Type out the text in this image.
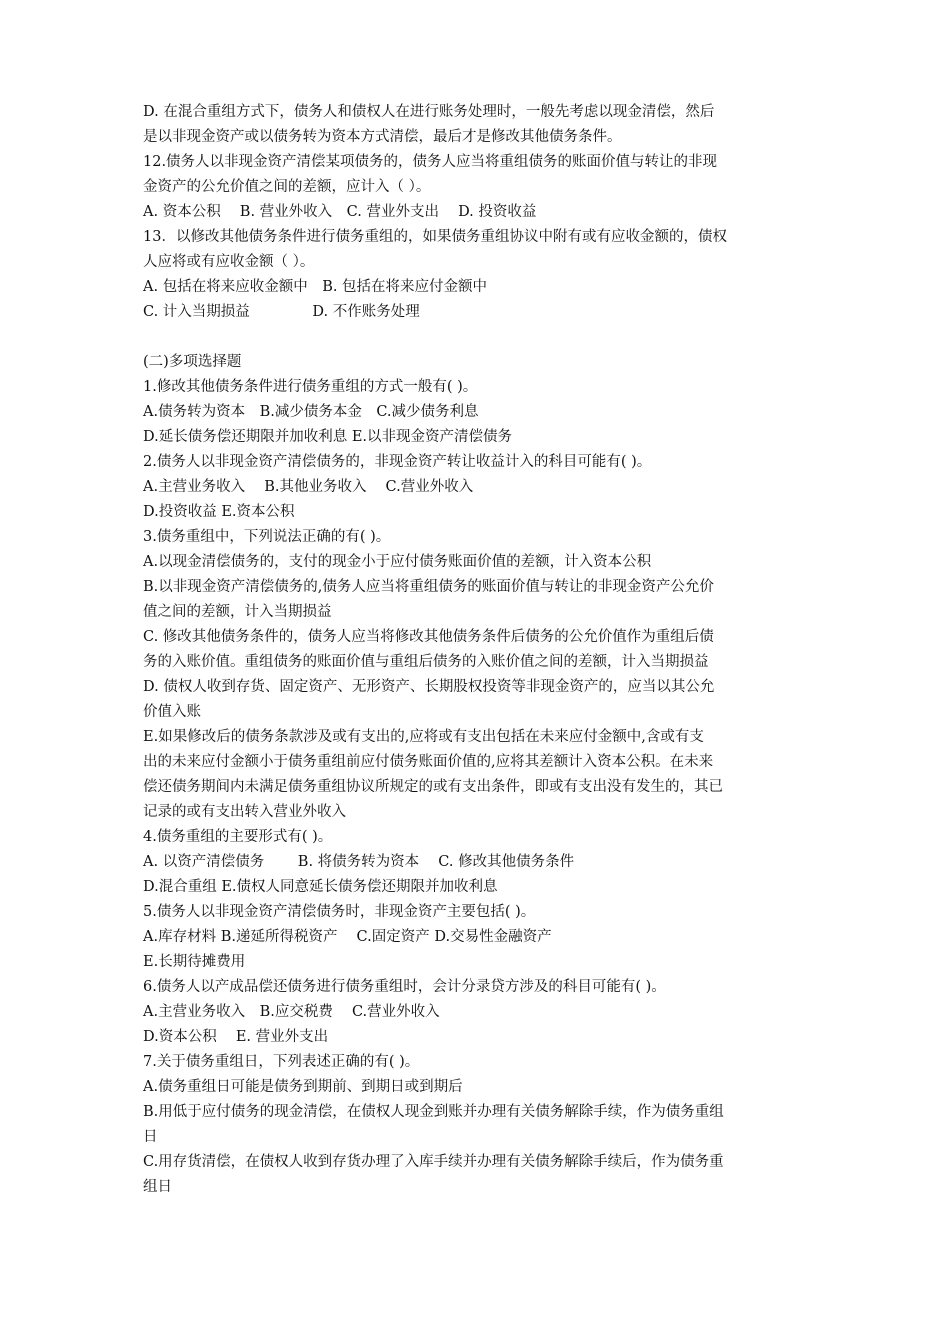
D. 在混合重组方式下，债务人和债权人在进行账务处理时，一般先考虑以现金清偿，然后

是以非现金资产或以债务转为资本方式清偿，最后才是修改其他债务条件。

12.债务人以非现金资产清偿某项债务的，债务人应当将重组债务的账面价值与转让的非现

金资产的公允价值之间的差额，应计入（ ）。

A. 资本公积　 B. 营业外收入　C. 营业外支出　 D. 投资收益

13．以修改其他债务条件进行债务重组的，如果债务重组协议中附有或有应收金额的，债权

人应将或有应收金额（ ）。

A. 包括在将来应收金额中　B. 包括在将来应付金额中

C. 计入当期损益　　　　 D. 不作账务处理

(二)多项选择题

1.修改其他债务条件进行债务重组的方式一般有( )。

A.债务转为资本　B.减少债务本金　C.减少债务利息

D.延长债务偿还期限并加收利息 E.以非现金资产清偿债务

2.债务人以非现金资产清偿债务的，非现金资产转让收益计入的科目可能有( )。

A.主营业务收入　 B.其他业务收入　 C.营业外收入

D.投资收益 E.资本公积

3.债务重组中，下列说法正确的有( )。

A.以现金清偿债务的，支付的现金小于应付债务账面价值的差额，计入资本公积

B.以非现金资产清偿债务的,债务人应当将重组债务的账面价值与转让的非现金资产公允价

值之间的差额，计入当期损益

C. 修改其他债务条件的，债务人应当将修改其他债务条件后债务的公允价值作为重组后债

务的入账价值。重组债务的账面价值与重组后债务的入账价值之间的差额，计入当期损益

D. 债权人收到存货、固定资产、无形资产、长期股权投资等非现金资产的，应当以其公允

价值入账

E.如果修改后的债务条款涉及或有支出的,应将或有支出包括在未来应付金额中,含或有支

出的未来应付金额小于债务重组前应付债务账面价值的,应将其差额计入资本公积。在未来

偿还债务期间内未满足债务重组协议所规定的或有支出条件，即或有支出没有发生的，其已

记录的或有支出转入营业外收入

4.债务重组的主要形式有( )。

A. 以资产清偿债务　　 B. 将债务转为资本　 C. 修改其他债务条件

D.混合重组 E.债权人同意延长债务偿还期限并加收利息

5.债务人以非现金资产清偿债务时，非现金资产主要包括( )。

A.库存材料 B.递延所得税资产　 C.固定资产 D.交易性金融资产

E.长期待摊费用

6.债务人以产成品偿还债务进行债务重组时，会计分录贷方涉及的科目可能有( )。

A.主营业务收入　B.应交税费　 C.营业外收入

D.资本公积　 E. 营业外支出

7.关于债务重组日，下列表述正确的有( )。

A.债务重组日可能是债务到期前、到期日或到期后

B.用低于应付债务的现金清偿，在债权人现金到账并办理有关债务解除手续，作为债务重组

日

C.用存货清偿，在债权人收到存货办理了入库手续并办理有关债务解除手续后，作为债务重

组日
